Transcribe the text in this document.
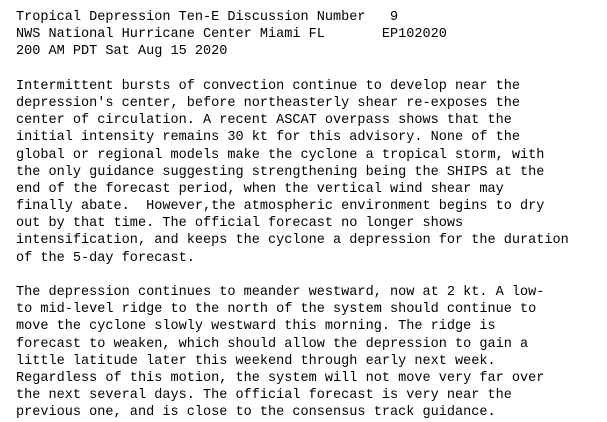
Tropical Depression Ten-E Discussion Number   9
NWS National Hurricane Center Miami FL       EP102020
200 AM PDT Sat Aug 15 2020
Intermittent bursts of convection continue to develop near the
depression's center, before northeasterly shear re-exposes the
center of circulation. A recent ASCAT overpass shows that the
initial intensity remains 30 kt for this advisory. None of the
global or regional models make the cyclone a tropical storm, with
the only guidance suggesting strengthening being the SHIPS at the
end of the forecast period, when the vertical wind shear may
finally abate.  However,the atmospheric environment begins to dry
out by that time. The official forecast no longer shows
intensification, and keeps the cyclone a depression for the duration
of the 5-day forecast.
The depression continues to meander westward, now at 2 kt. A low-
to mid-level ridge to the north of the system should continue to
move the cyclone slowly westward this morning. The ridge is
forecast to weaken, which should allow the depression to gain a
little latitude later this weekend through early next week.
Regardless of this motion, the system will not move very far over
the next several days. The official forecast is very near the
previous one, and is close to the consensus track guidance.
